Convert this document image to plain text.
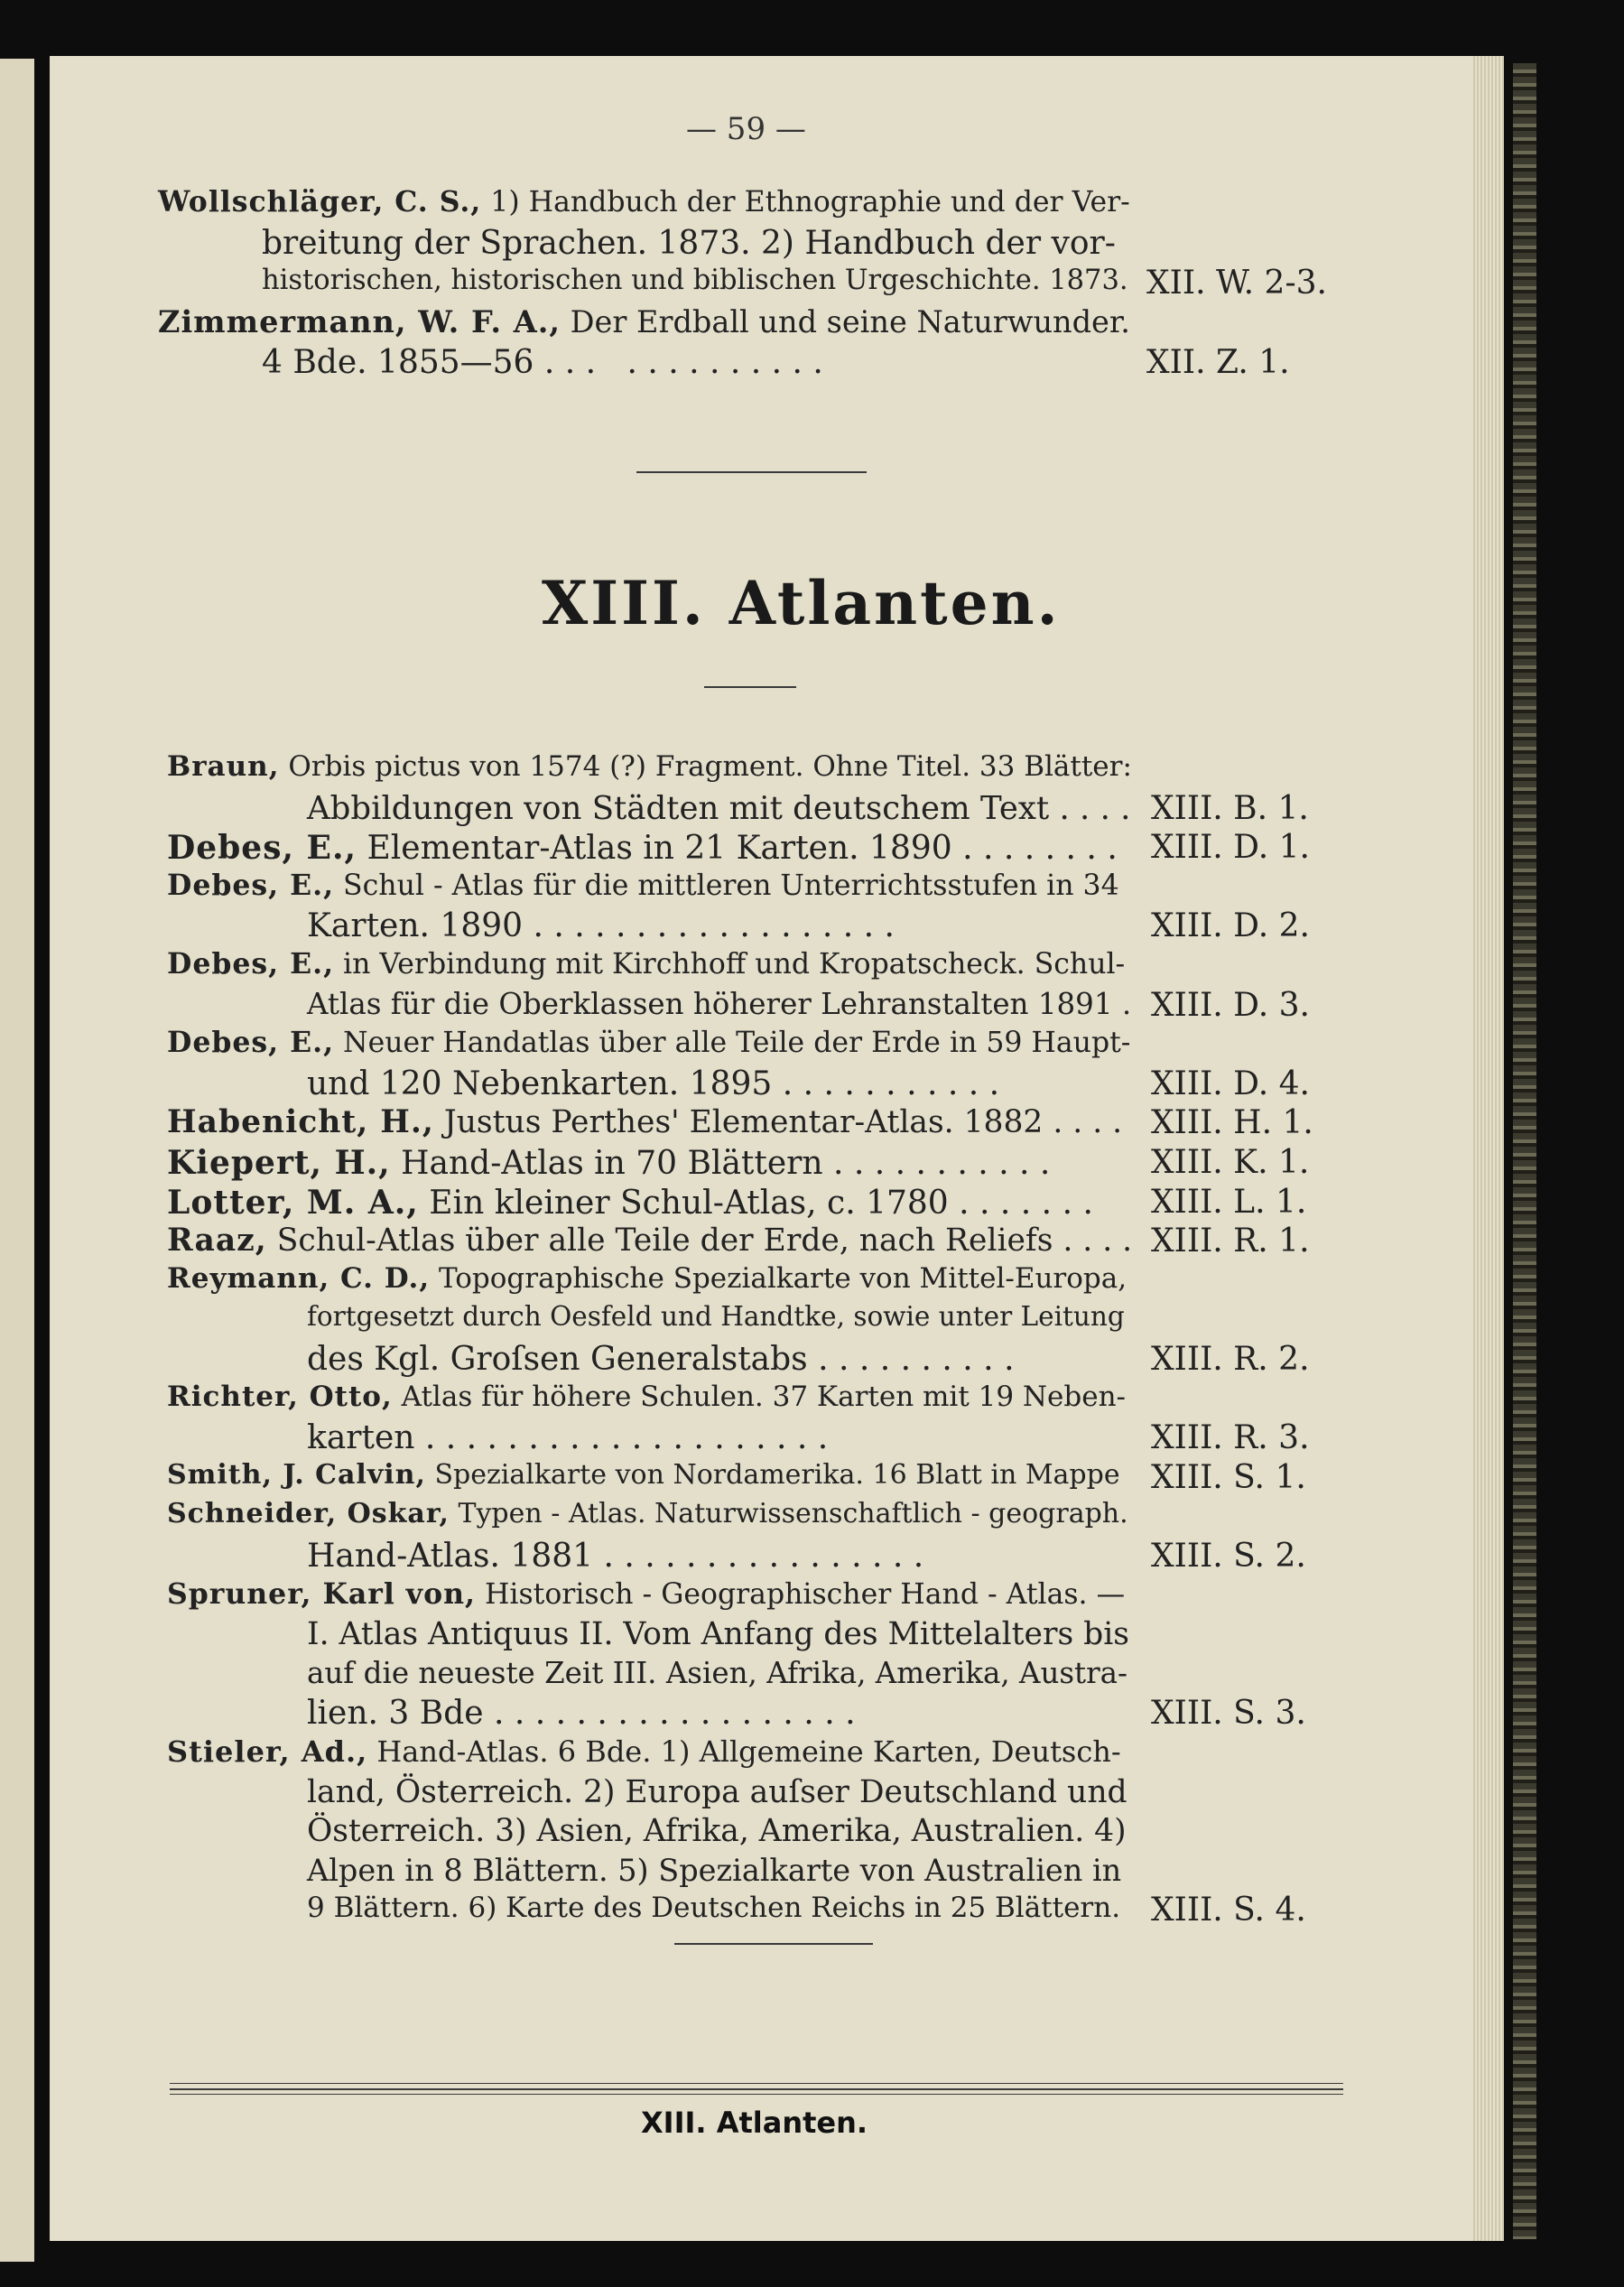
— 59 —
Wollschläger, C. S., 1) Handbuch der Ethnographie und der Ver-
breitung der Sprachen. 1873. 2) Handbuch der vor-
historischen, historischen und biblischen Urgeschichte. 1873. XII. W. 2-3.
Zimmermann, W. F. A., Der Erdball und seine Naturwunder.
4 Bde. 1855—56 . . .   . . . . . . . . . .	XII. Z. 1.
XIII. Atlanten.
Braun, Orbis pictus von 1574 (?) Fragment. Ohne Titel. 33 Blätter:
Abbildungen von Städten mit deutschem Text . . . . XIII. B. 1.
Debes, E., Elementar-Atlas in 21 Karten. 1890 . . . . . . . . XIII. D. 1.
Debes, E., Schul - Atlas für die mittleren Unterrichtsstufen in 34
Karten. 1890 . . . . . . . . . . . . . . . . . .	XIII. D. 2.
Debes, E., in Verbindung mit Kirchhoff und Kropatscheck. Schul-
Atlas für die Oberklassen höherer Lehranstalten 1891 . XIII. D. 3.
Debes, E., Neuer Handatlas über alle Teile der Erde in 59 Haupt-
und 120 Nebenkarten. 1895 . . . . . . . . . . .	XIII. D. 4.
Habenicht, H., Justus Perthes' Elementar-Atlas. 1882 . . . . XIII. H. 1.
Kiepert, H., Hand-Atlas in 70 Blättern . . . . . . . . . . .	XIII. K. 1.
Lotter, M. A., Ein kleiner Schul-Atlas, c. 1780 . . . . . . . XIII. L. 1.
Raaz, Schul-Atlas über alle Teile der Erde, nach Reliefs . . . . XIII. R. 1.
Reymann, C. D., Topographische Spezialkarte von Mittel-Europa,
fortgesetzt durch Oesfeld und Handtke, sowie unter Leitung
des Kgl. Groſsen Generalstabs . . . . . . . . . .	XIII. R. 2.
Richter, Otto, Atlas für höhere Schulen. 37 Karten mit 19 Neben-
karten . . . . . . . . . . . . . . . . . . . .	XIII. R. 3.
Smith, J. Calvin, Spezialkarte von Nordamerika. 16 Blatt in Mappe XIII. S. 1.
Schneider, Oskar, Typen - Atlas. Naturwissenschaftlich - geograph.
Hand-Atlas. 1881 . . . . . . . . . . . . . . . .	XIII. S. 2.
Spruner, Karl von, Historisch - Geographischer Hand - Atlas. —
I. Atlas Antiquus II. Vom Anfang des Mittelalters bis
auf die neueste Zeit III. Asien, Afrika, Amerika, Austra-
lien. 3 Bde . . . . . . . . . . . . . . . . . .	XIII. S. 3.
Stieler, Ad., Hand-Atlas. 6 Bde. 1) Allgemeine Karten, Deutsch-
land, Österreich. 2) Europa auſser Deutschland und
Österreich. 3) Asien, Afrika, Amerika, Australien. 4)
Alpen in 8 Blättern. 5) Spezialkarte von Australien in
9 Blättern. 6) Karte des Deutschen Reichs in 25 Blättern. XIII. S. 4.
XIII. Atlanten.
